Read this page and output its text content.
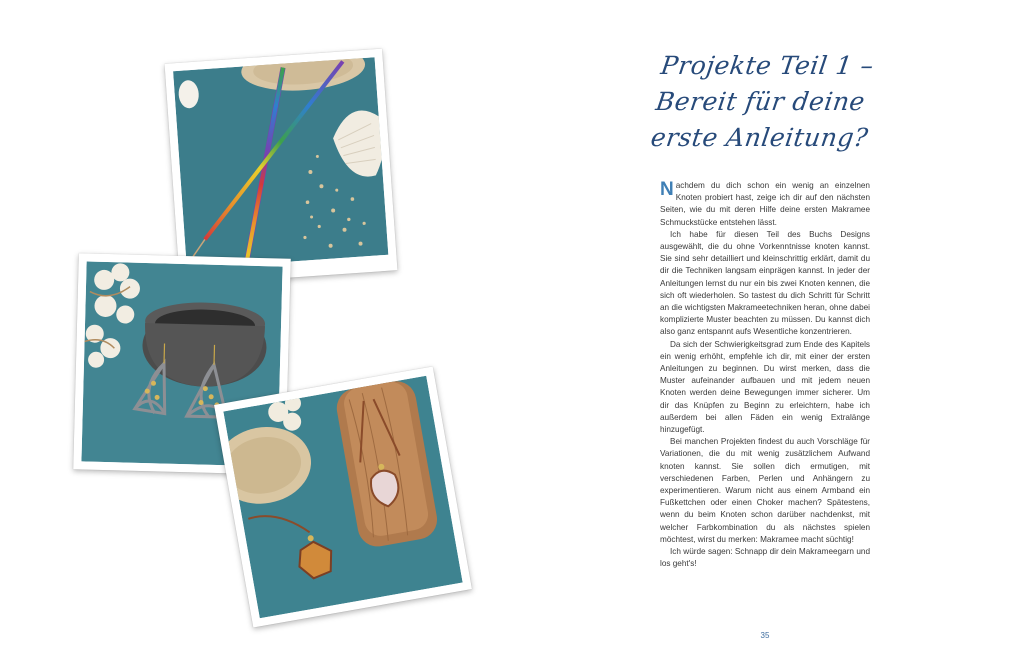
Projekte Teil 1 –
Bereit für deine
erste Anleitung?

Nachdem du dich schon ein wenig an einzelnen Knoten probiert hast, zeige ich dir auf den nächsten Seiten, wie du mit deren Hilfe deine ersten Makramee Schmuckstücke entstehen lässt.

Ich habe für diesen Teil des Buchs Designs ausgewählt, die du ohne Vorkenntnisse knoten kannst. Sie sind sehr detailliert und kleinschrittig erklärt, damit du dir die Techniken langsam einprägen kannst. In jeder der Anleitungen lernst du nur ein bis zwei Knoten kennen, die sich oft wiederholen. So tastest du dich Schritt für Schritt an die wichtigsten Makrameetechniken heran, ohne dabei komplizierte Muster beachten zu müssen. Du kannst dich also ganz entspannt aufs Wesentliche konzentrieren.

Da sich der Schwierigkeitsgrad zum Ende des Kapitels ein wenig erhöht, empfehle ich dir, mit einer der ersten Anleitungen zu beginnen. Du wirst merken, dass die Muster aufeinander aufbauen und mit jedem neuen Knoten werden deine Bewegungen immer sicherer. Um dir das Knüpfen zu Beginn zu erleichtern, habe ich außerdem bei allen Fäden ein wenig Extralänge hinzugefügt.

Bei manchen Projekten findest du auch Vorschläge für Variationen, die du mit wenig zusätzlichem Aufwand knoten kannst. Sie sollen dich ermutigen, mit verschiedenen Farben, Perlen und Anhängern zu experimentieren. Warum nicht aus einem Armband ein Fußkettchen oder einen Choker machen? Spätestens, wenn du beim Knoten schon darüber nachdenkst, mit welcher Farbkombination du als nächstes spielen möchtest, wirst du merken: Makramee macht süchtig!

Ich würde sagen: Schnapp dir dein Makrameegarn und los geht's!

35
